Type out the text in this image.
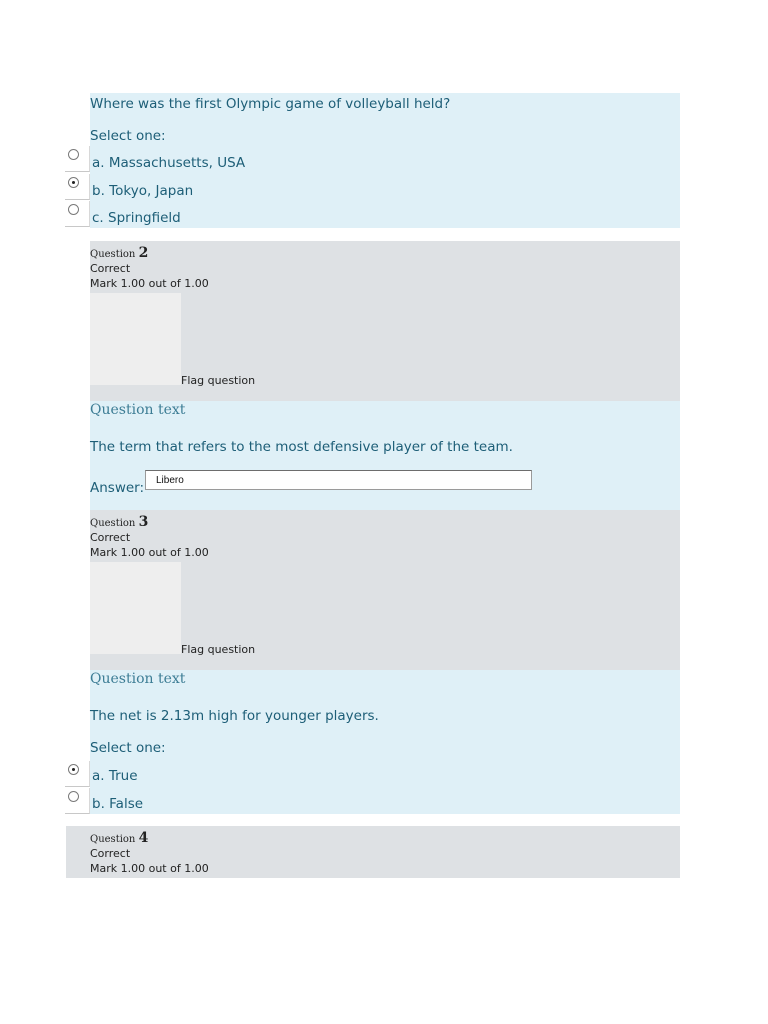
Where was the first Olympic game of volleyball held?
Select one:
a. Massachusetts, USA
b. Tokyo, Japan
c. Springfield
Question 2
Correct
Mark 1.00 out of 1.00
Flag question
Question text
The term that refers to the most defensive player of the team.
Answer:	Libero
Question 3
Correct
Mark 1.00 out of 1.00
Flag question
Question text
The net is 2.13m high for younger players.
Select one:
a. True
b. False
Question 4
Correct
Mark 1.00 out of 1.00
